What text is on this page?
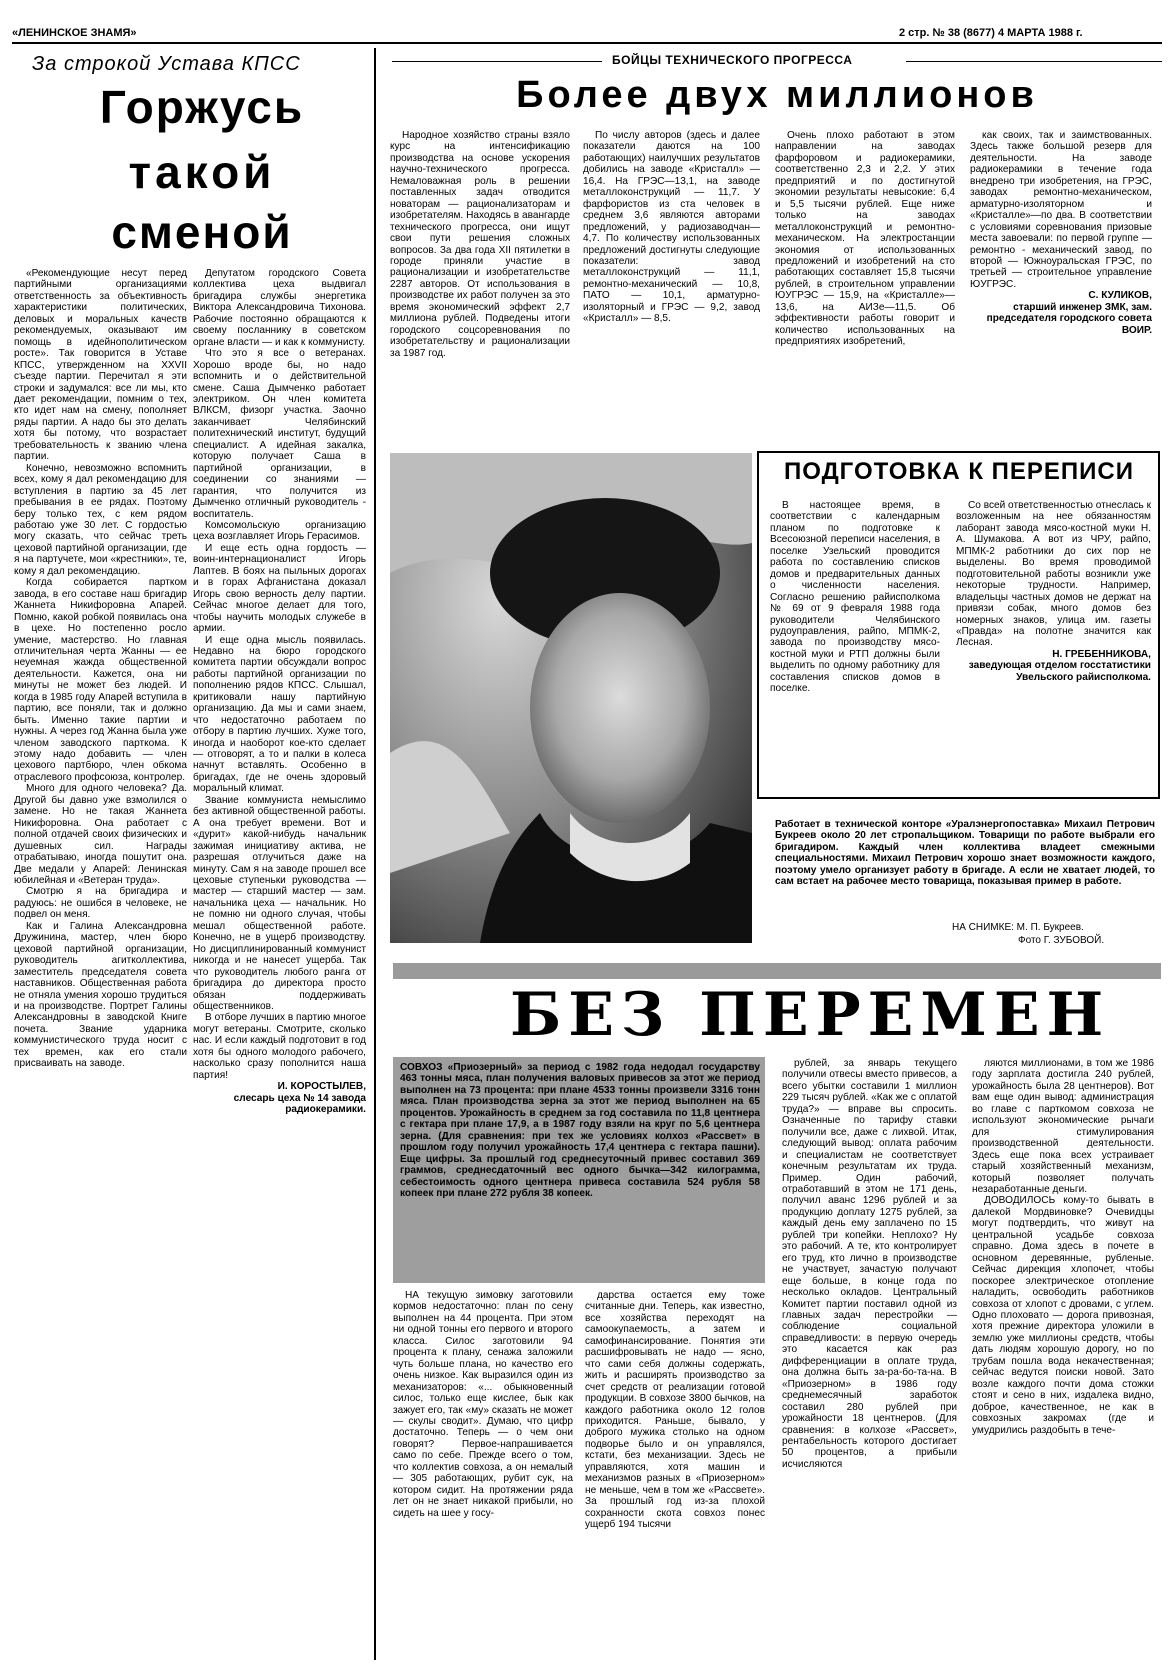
«ЛЕНИНСКОЕ ЗНАМЯ»	2 стр. № 38 (8677) 4 МАРТА 1988 г.
За строкой Устава КПСС
Горжусь
такой
сменой

«Рекомендующие несут перед партийными организациями ответственность за объективность характеристики политических, деловых и моральных качеств рекомендуемых, оказывают им помощь в идейнополитическом росте». Так говорится в Уставе КПСС, утвержденном на XXVII съезде партии. Перечитал я эти строки и задумался: все ли мы, кто дает рекомендации, помним о тех, кто идет нам на смену, пополняет ряды партии. А надо бы это делать хотя бы потому, что возрастает требовательность к званию члена партии.

Конечно, невозможно вспомнить всех, кому я дал рекомендацию для вступления в партию за 45 лет пребывания в ее рядах. Поэтому беру только тех, с кем рядом работаю уже 30 лет. С гордостью могу сказать, что сейчас треть цеховой партийной организации, где я на партучете, мои «крестники», те, кому я дал рекомендацию.

Когда собирается партком завода, в его составе наш бригадир Жаннета Никифоровна Апарей. Помню, какой робкой появилась она в цехе. Но постепенно росло умение, мастерство. Но главная отличительная черта Жанны — ее неуемная жажда общественной деятельности. Кажется, она ни минуты не может без людей. И когда в 1985 году Апарей вступила в партию, все поняли, так и должно быть. Именно такие партии и нужны. А через год Жанна была уже членом заводского парткома. К этому надо добавить — член цехового партбюро, член обкома отраслевого профсоюза, контролер.

Много для одного человека? Да. Другой бы давно уже взмолился о замене. Но не такая Жаннета Никифоровна. Она работает с полной отдачей своих физических и душевных сил. Награды отрабатываю, иногда пошутит она. Две медали у Апарей: Ленинская юбилейная и «Ветеран труда».

Смотрю я на бригадира и радуюсь: не ошибся в человеке, не подвел он меня.

Как и Галина Александровна Дружинина, мастер, член бюро цеховой партийной организации, руководитель агитколлектива, заместитель председателя совета наставников. Общественная работа не отняла умения хорошо трудиться и на производстве. Портрет Галины Александровны в заводской Книге почета. Звание ударника коммунистического труда носит с тех времен, как его стали присваивать на заводе.

Депутатом городского Совета коллектива цеха выдвигал бригадира службы энергетика Виктора Александровича Тихонова. Рабочие постоянно обращаются к своему посланнику в советском органе власти — и как к коммунисту.

Что это я все о ветеранах. Хорошо вроде бы, но надо вспомнить и о действительной смене. Саша Дымченко работает электриком. Он член комитета ВЛКСМ, физорг участка. Заочно заканчивает Челябинский политехнический институт, будущий специалист. А идейная закалка, которую получает Саша в партийной организации, в соединении со знаниями — гарантия, что получится из Дымченко отличный руководитель - воспитатель.

Комсомольскую организацию цеха возглавляет Игорь Герасимов.

И еще есть одна гордость — воин-интернационалист Игорь Лаптев. В боях на пыльных дорогах и в горах Афганистана доказал Игорь свою верность делу партии. Сейчас многое делает для того, чтобы научить молодых служебе в армии.

И еще одна мысль появилась. Недавно на бюро городского комитета партии обсуждали вопрос работы партийной организации по пополнению рядов КПСС. Слышал, критиковали нашу партийную организацию. Да мы и сами знаем, что недостаточно работаем по отбору в партию лучших. Хуже того, иногда и наоборот кое-кто сделает — отговорят, а то и палки в колеса начнут вставлять. Особенно в бригадах, где не очень здоровый моральный климат.

Звание коммуниста немыслимо без активной общественной работы. А она требует времени. Вот и «дурит» какой-нибудь начальник зажимая инициативу актива, не разрешая отлучиться даже на минуту. Сам я на заводе прошел все цеховые ступеньки руководства — мастер — старший мастер — зам. начальника цеха — начальник. Но не помню ни одного случая, чтобы мешал общественной работе. Конечно, не в ущерб производству. Но дисциплинированный коммунист никогда и не нанесет ущерба. Так что руководитель любого ранга от бригадира до директора просто обязан поддерживать общественников.

В отборе лучших в партию многое могут ветераны. Смотрите, сколько нас. И если каждый подготовит в год хотя бы одного молодого рабочего, насколько сразу пополнится наша партия!

И. КОРОСТЫЛЕВ,
слесарь цеха № 14 завода радиокерамики.
БОЙЦЫ ТЕХНИЧЕСКОГО ПРОГРЕССА
Более двух миллионов

Народное хозяйство страны взяло курс на интенсификацию производства на основе ускорения научно-технического прогресса. Немаловажная роль в решении поставленных задач отводится новаторам — рационализаторам и изобретателям. Находясь в авангарде технического прогресса, они ищут свои пути решения сложных вопросов. За два года XII пятилетки в городе приняли участие в рационализации и изобретательстве 2287 авторов. От использования в производстве их работ получен за это время экономический эффект 2,7 миллиона рублей. Подведены итоги городского соцсоревнования по изобретательству и рационализации за 1987 год.

По числу авторов (здесь и далее показатели даются на 100 работающих) наилучших результатов добились на заводе «Кристалл» — 16,4. На ГРЭС—13,1, на заводе металлоконструкций — 11,7. У фарфористов из ста человек в среднем 3,6 являются авторами предложений, у радиозаводчан— 4,7. По количеству использованных предложений достигнуты следующие показатели: завод металлоконструкций — 11,1, ремонтно-механический — 10,8, ПАТО — 10,1, арматурно-изоляторный и ГРЭС — 9,2, завод «Кристалл» — 8,5.

Очень плохо работают в этом направлении на заводах фарфоровом и радиокерамики, соответственно 2,3 и 2,2. У этих предприятий и по достигнутой экономии результаты невысокие: 6,4 и 5,5 тысячи рублей. Еще ниже только на заводах металлоконструкций и ремонтно-механическом. На электростанции экономия от использованных предложений и изобретений на сто работающих составляет 15,8 тысячи рублей, в строительном управлении ЮУГРЭС — 15,9, на «Кристалле»—13,6, на АИЗе—11,5. Об эффективности работы говорит и количество использованных на предприятиях изобретений,

как своих, так и заимствованных. Здесь также большой резерв для деятельности. На заводе радиокерамики в течение года внедрено три изобретения, на ГРЭС, заводах ремонтно-механическом, арматурно-изоляторном и «Кристалле»—по два. В соответствии с условиями соревнования призовые места завоевали: по первой группе — ремонтно - механический завод, по второй — Южноуральская ГРЭС, по третьей — строительное управление ЮУГРЭС.

С. КУЛИКОВ,
старший инженер ЗМК, зам. председателя городского совета ВОИР.
ПОДГОТОВКА К ПЕРЕПИСИ

В настоящее время, в соответствии с календарным планом по подготовке к Всесоюзной переписи населения, в поселке Узельский проводится работа по составлению списков домов и предварительных данных о численности населения. Согласно решению райисполкома № 69 от 9 февраля 1988 года руководители Челябинского рудоуправления, райпо, МПМК-2, завода по производству мясо-костной муки и РТП должны были выделить по одному работнику для составления списков домов в поселке.

Со всей ответственностью отнеслась к возложенным на нее обязанностям лаборант завода мясо-костной муки Н. А. Шумакова. А вот из ЧРУ, райпо, МПМК-2 работники до сих пор не выделены. Во время проводимой подготовительной работы возникли уже некоторые трудности. Например, владельцы частных домов не держат на привязи собак, много домов без номерных знаков, улица им. газеты «Правда» на полотне значится как Лесная.

Н. ГРЕБЕННИКОВА,
заведующая отделом госстатистики Увельского райисполкома.
Работает в технической конторе «Уралэнергопоставка» Михаил Петрович Букреев около 20 лет стропальщиком. Товарищи по работе выбрали его бригадиром. Каждый член коллектива владеет смежными специальностями. Михаил Петрович хорошо знает возможности каждого, поэтому умело организует работу в бригаде. А если не хватает людей, то сам встает на рабочее место товарища, показывая пример в работе.
НА СНИМКЕ: М. П. Букреев.
Фото Г. ЗУБОВОЙ.
БЕЗ ПЕРЕМЕН
СОВХОЗ «Приозерный» за период с 1982 года недодал государству 463 тонны мяса, план получения валовых привесов за этот же период выполнен на 73 процента: при плане 4533 тонны произвели 3316 тонн мяса. План производства зерна за этот же период выполнен на 65 процентов. Урожайность в среднем за год составила по 11,8 центнера с гектара при плане 17,9, а в 1987 году взяли на круг по 5,6 центнера зерна. (Для сравнения: при тех же условиях колхоз «Рассвет» в прошлом году получил урожайность 17,4 центнера с гектара пашни). Еще цифры. За прошлый год среднесуточный привес составил 369 граммов, среднесдаточный вес одного бычка—342 килограмма, себестоимость одного центнера привеса составила 524 рубля 58 копеек при плане 272 рубля 38 копеек.

НА текущую зимовку заготовили кормов недостаточно: план по сену выполнен на 44 процента. При этом ни одной тонны его первого и второго класса. Силос заготовили 94 процента к плану, сенажа заложили чуть больше плана, но качество его очень низкое. Как выразился один из механизаторов: «... обыкновенный силос, только еще кислее, бык как зажует его, так «му» сказать не может— скулы сводит». Думаю, что цифр достаточно. Теперь — о чем они говорят? Первое-напрашивается само по себе. Прежде всего о том, что коллектив совхоза, а он немалый — 305 работающих, рубит сук, на котором сидит. На протяжении ряда лет он не знает никакой прибыли, но сидеть на шее у госу-

дарства остается ему тоже считанные дни. Теперь, как известно, все хозяйства переходят на самоокупаемость, а затем и самофинансирование. Понятия эти расшифровывать не надо — ясно, что сами себя должны содержать, жить и расширять производство за счет средств от реализации готовой продукции. В совхозе 3800 бычков, на каждого работника около 12 голов приходится. Раньше, бывало, у доброго мужика столько на одном подворье было и он управлялся, кстати, без механизации. Здесь не управляются, хотя машин и механизмов разных в «Приозерном» не меньше, чем в том же «Рассвете». За прошлый год из-за плохой сохранности скота совхоз понес ущерб 194 тысячи

рублей, за январь текущего получили отвесы вместо привесов, а всего убытки составили 1 миллион 229 тысяч рублей. «Как же с оплатой труда?» — вправе вы спросить. Означенные по тарифу ставки получили все, даже с лихвой. Итак, следующий вывод: оплата рабочим и специалистам не соответствует конечным результатам их труда. Пример. Один рабочий, отработавший в этом не 171 день, получил аванс 1296 рублей и за продукцию доплату 1275 рублей, за каждый день ему заплачено по 15 рублей три копейки. Неплохо? Ну это рабочий. А те, кто контролирует его труд, кто лично в производстве не участвует, зачастую получают еще больше, в конце года по несколько окладов. Центральный Комитет партии поставил одной из главных задач перестройки — соблюдение социальной справедливости: в первую очередь это касается как раз дифференциации в оплате труда, она должна быть за-ра-бо-та-на. В «Приозерном» в 1986 году среднемесячный заработок составил 280 рублей при урожайности 18 центнеров. (Для сравнения: в колхозе «Рассвет», рентабельность которого достигает 50 процентов, а прибыли исчисляются

ляются миллионами, в том же 1986 году зарплата достигла 240 рублей, урожайность была 28 центнеров). Вот вам еще один вывод: администрация во главе с парткомом совхоза не используют экономические рычаги для стимулирования производственной деятельности. Здесь еще пока всех устраивает старый хозяйственный механизм, который позволяет получать незаработанные деньги.

ДОВОДИЛОСЬ кому-то бывать в далекой Мордвиновке? Очевидцы могут подтвердить, что живут на центральной усадьбе совхоза справно. Дома здесь в почете в основном деревянные, рубленые. Сейчас дирекция хлопочет, чтобы поскорее электрическое отопление наладить, освободить работников совхоза от хлопот с дровами, с углем. Одно плоховато — дорога привозная, хотя прежние директора уложили в землю уже миллионы средств, чтобы дать людям хорошую дорогу, но по трубам пошла вода некачественная; сейчас ведутся поиски новой. Зато возле каждого почти дома стожки стоят и сено в них, издалека видно, доброе, качественное, не как в совхозных закромах (где и умудрились раздобыть в тече-
